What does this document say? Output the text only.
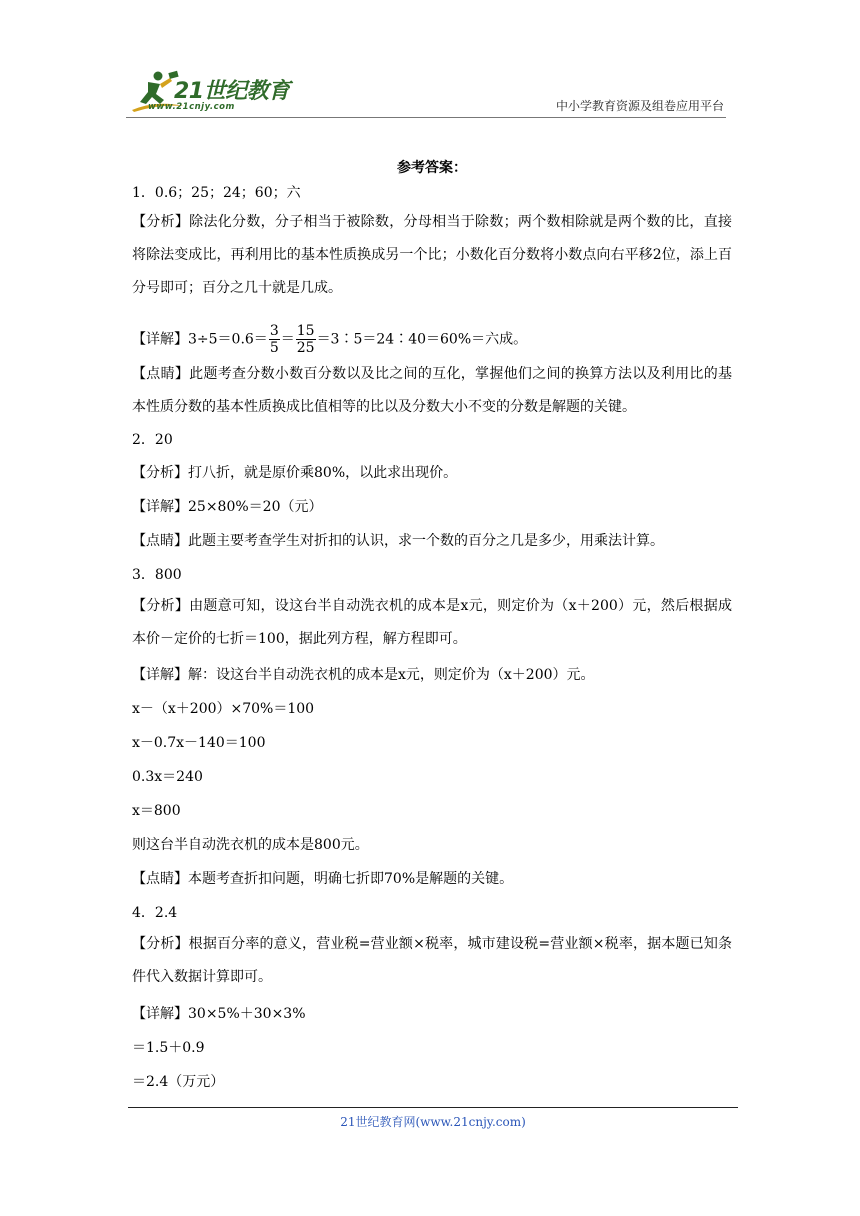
21世纪教育
www.21cnjy.com	中小学教育资源及组卷应用平台
参考答案：
1．0.6；25；24；60；六
【分析】除法化分数，分子相当于被除数，分母相当于除数；两个数相除就是两个数的比，直接将除法变成比，再利用比的基本性质换成另一个比；小数化百分数将小数点向右平移2位，添上百分号即可；百分之几十就是几成。
【详解】$3\div 5=0.6= \frac{3}{5} = \frac{15}{25}$ ＝3∶5＝24∶40＝60%＝六成。
【点睛】此题考查分数小数百分数以及比之间的互化，掌握他们之间的换算方法以及利用比的基本性质分数的基本性质换成比值相等的比以及分数大小不变的分数是解题的关键。
2．20
【分析】打八折，就是原价乘80%，以此求出现价。
【详解】25×80%＝20（元）
【点睛】此题主要考查学生对折扣的认识，求一个数的百分之几是多少，用乘法计算。
3．800
【分析】由题意可知，设这台半自动洗衣机的成本是x元，则定价为（x＋200）元，然后根据成本价－定价的七折＝100，据此列方程，解方程即可。
【详解】解：设这台半自动洗衣机的成本是x元，则定价为（x＋200）元。
x－（x＋200）×70%＝100
x－0.7x－140＝100
0.3x＝240
x＝800
则这台半自动洗衣机的成本是800元。
【点睛】本题考查折扣问题，明确七折即70%是解题的关键。
4．2.4
【分析】根据百分率的意义，营业税=营业额×税率，城市建设税=营业额×税率，据本题已知条件代入数据计算即可。
【详解】30×5%＋30×3%
＝1.5＋0.9
＝2.4（万元）
21世纪教育网(www.21cnjy.com)
